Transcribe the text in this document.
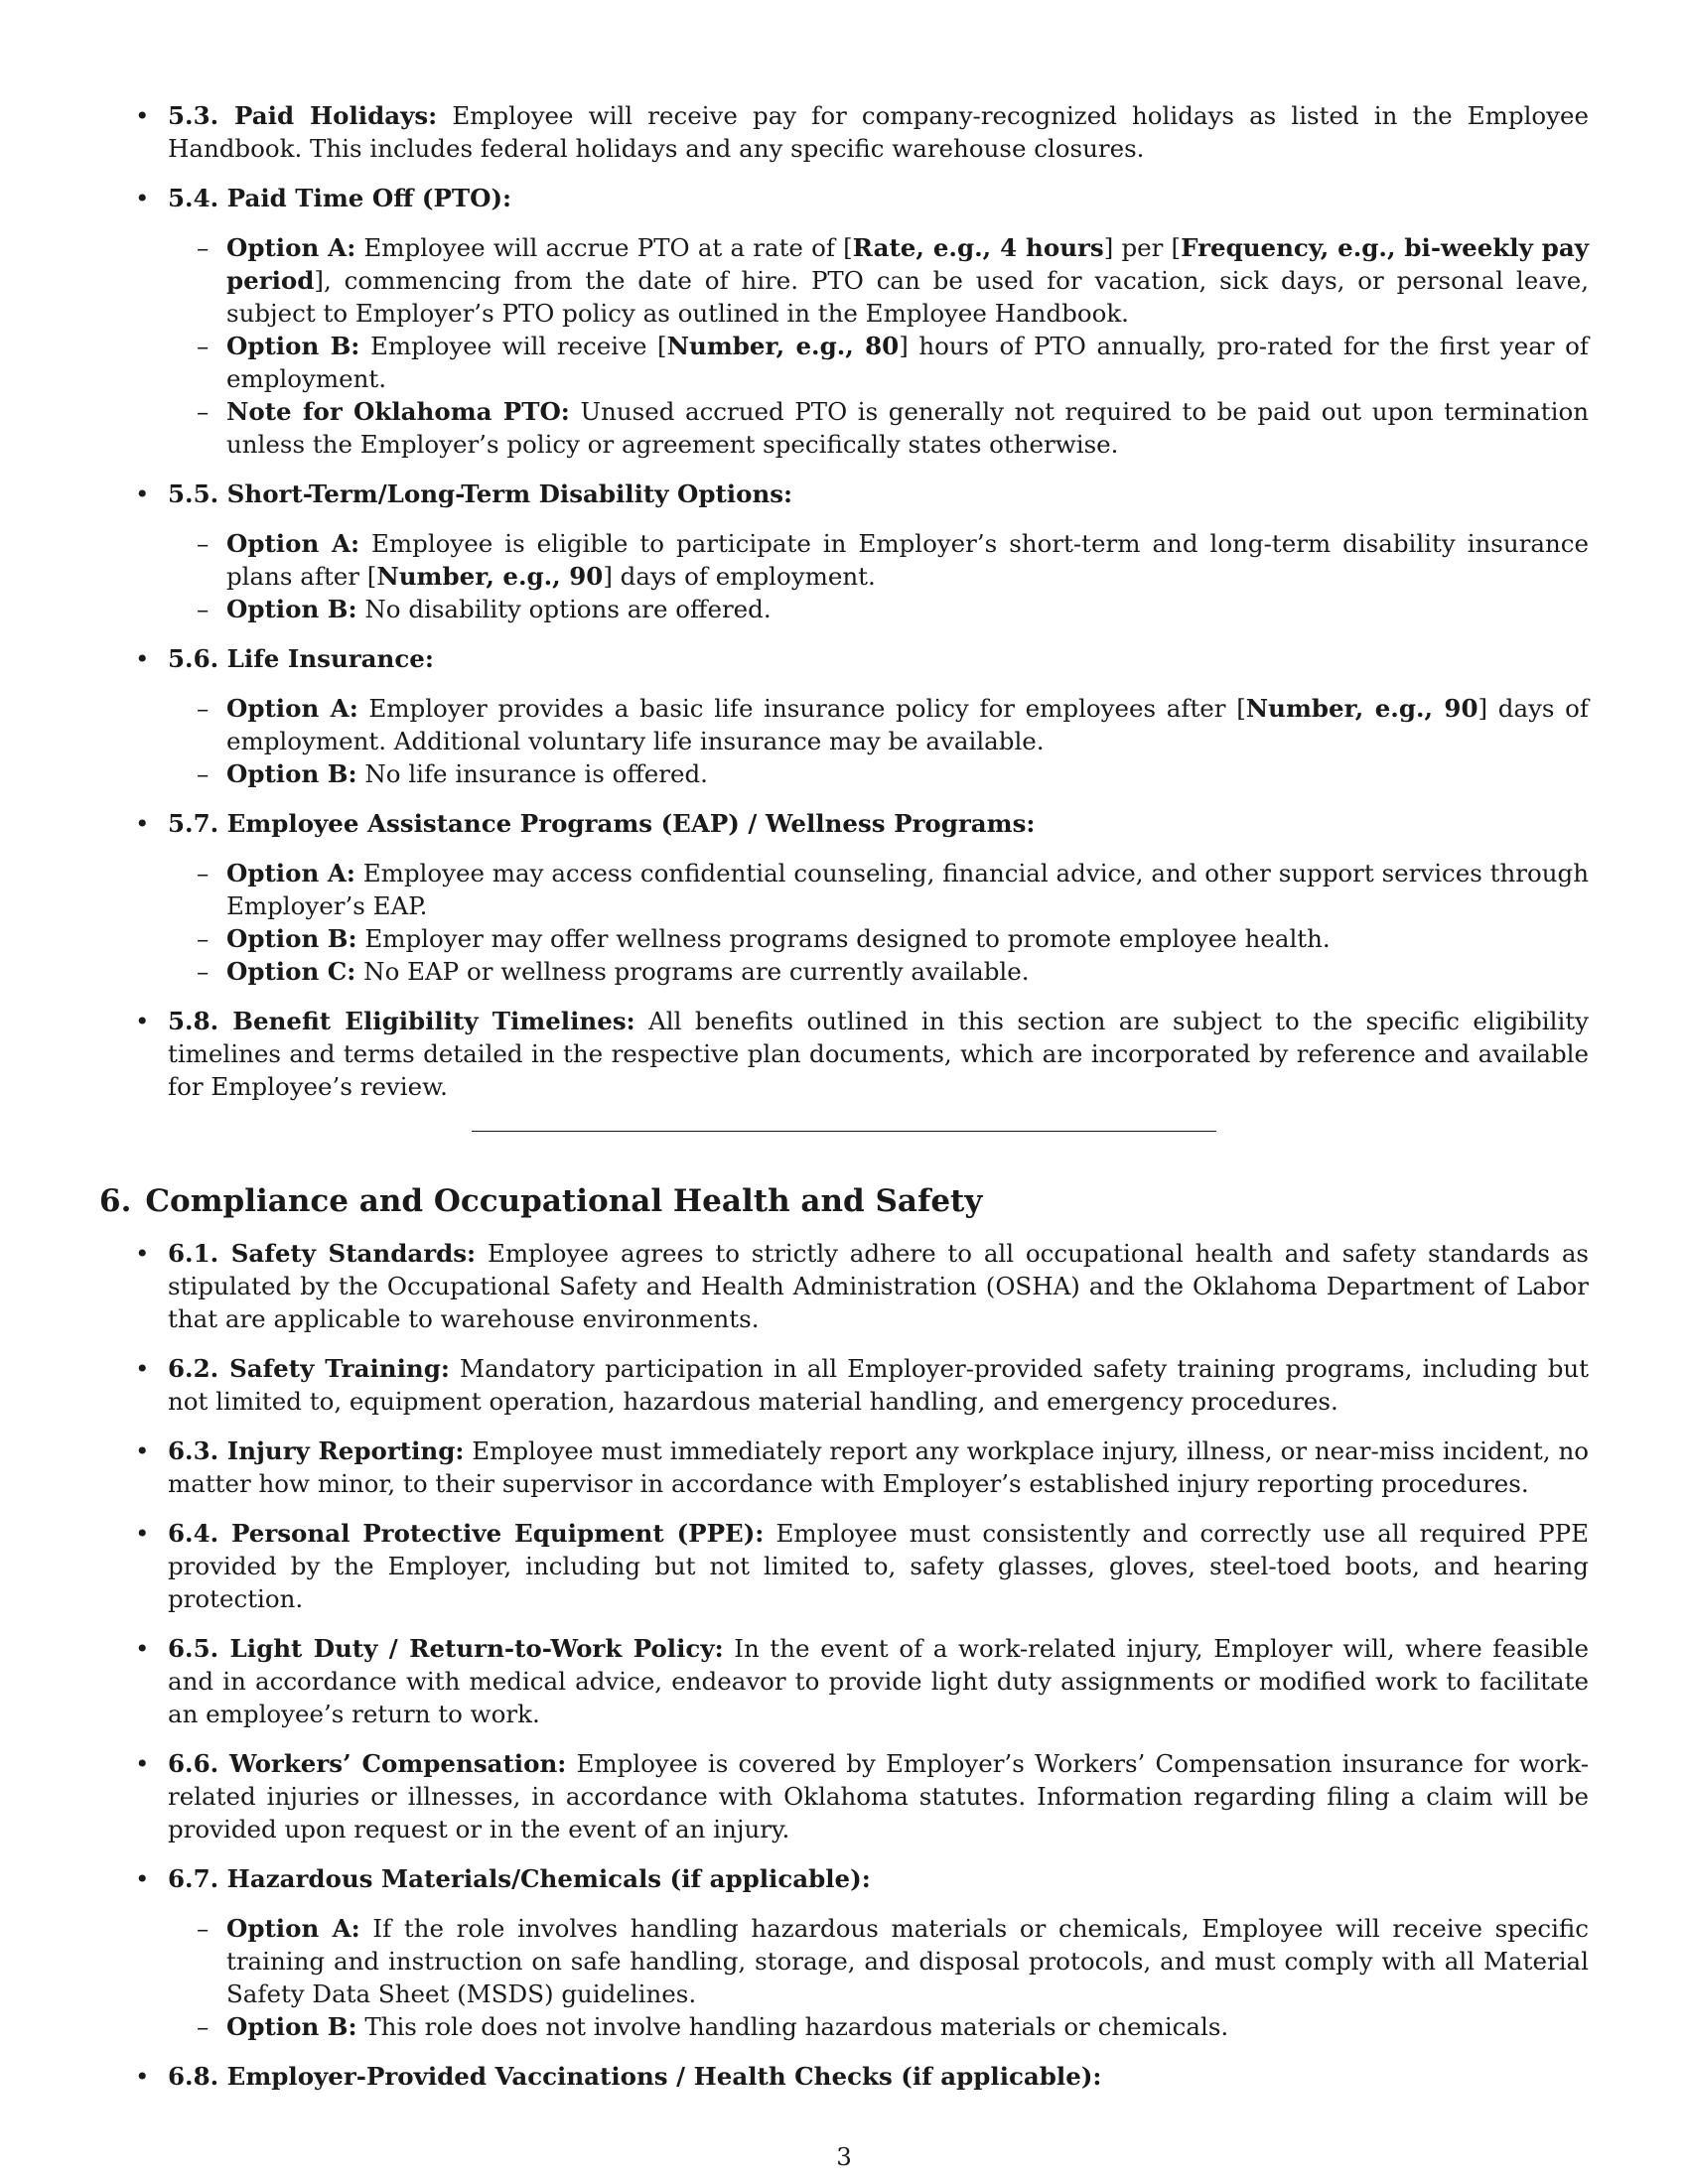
• 5.3. Paid Holidays: Employee will receive pay for company-recognized holidays as listed in the Employee Handbook. This includes federal holidays and any specific warehouse closures.
• 5.4. Paid Time Off (PTO):
– Option A: Employee will accrue PTO at a rate of [Rate, e.g., 4 hours] per [Frequency, e.g., bi-weekly pay period], commencing from the date of hire. PTO can be used for vacation, sick days, or personal leave, subject to Employer’s PTO policy as outlined in the Employee Handbook.
– Option B: Employee will receive [Number, e.g., 80] hours of PTO annually, pro-rated for the first year of employment.
– Note for Oklahoma PTO: Unused accrued PTO is generally not required to be paid out upon termination unless the Employer’s policy or agreement specifically states otherwise.
• 5.5. Short-Term/Long-Term Disability Options:
– Option A: Employee is eligible to participate in Employer’s short-term and long-term disability insurance plans after [Number, e.g., 90] days of employment.
– Option B: No disability options are offered.
• 5.6. Life Insurance:
– Option A: Employer provides a basic life insurance policy for employees after [Number, e.g., 90] days of employment. Additional voluntary life insurance may be available.
– Option B: No life insurance is offered.
• 5.7. Employee Assistance Programs (EAP) / Wellness Programs:
– Option A: Employee may access confidential counseling, financial advice, and other support services through Employer’s EAP.
– Option B: Employer may offer wellness programs designed to promote employee health.
– Option C: No EAP or wellness programs are currently available.
• 5.8. Benefit Eligibility Timelines: All benefits outlined in this section are subject to the specific eligibility timelines and terms detailed in the respective plan documents, which are incorporated by reference and available for Employee’s review.
6. Compliance and Occupational Health and Safety
• 6.1. Safety Standards: Employee agrees to strictly adhere to all occupational health and safety standards as stipulated by the Occupational Safety and Health Administration (OSHA) and the Oklahoma Department of Labor that are applicable to warehouse environments.
• 6.2. Safety Training: Mandatory participation in all Employer-provided safety training programs, including but not limited to, equipment operation, hazardous material handling, and emergency procedures.
• 6.3. Injury Reporting: Employee must immediately report any workplace injury, illness, or near-miss incident, no matter how minor, to their supervisor in accordance with Employer’s established injury reporting procedures.
• 6.4. Personal Protective Equipment (PPE): Employee must consistently and correctly use all required PPE provided by the Employer, including but not limited to, safety glasses, gloves, steel-toed boots, and hearing protection.
• 6.5. Light Duty / Return-to-Work Policy: In the event of a work-related injury, Employer will, where feasible and in accordance with medical advice, endeavor to provide light duty assignments or modified work to facilitate an employee’s return to work.
• 6.6. Workers’ Compensation: Employee is covered by Employer’s Workers’ Compensation insurance for work-related injuries or illnesses, in accordance with Oklahoma statutes. Information regarding filing a claim will be provided upon request or in the event of an injury.
• 6.7. Hazardous Materials/Chemicals (if applicable):
– Option A: If the role involves handling hazardous materials or chemicals, Employee will receive specific training and instruction on safe handling, storage, and disposal protocols, and must comply with all Material Safety Data Sheet (MSDS) guidelines.
– Option B: This role does not involve handling hazardous materials or chemicals.
• 6.8. Employer-Provided Vaccinations / Health Checks (if applicable):
3
